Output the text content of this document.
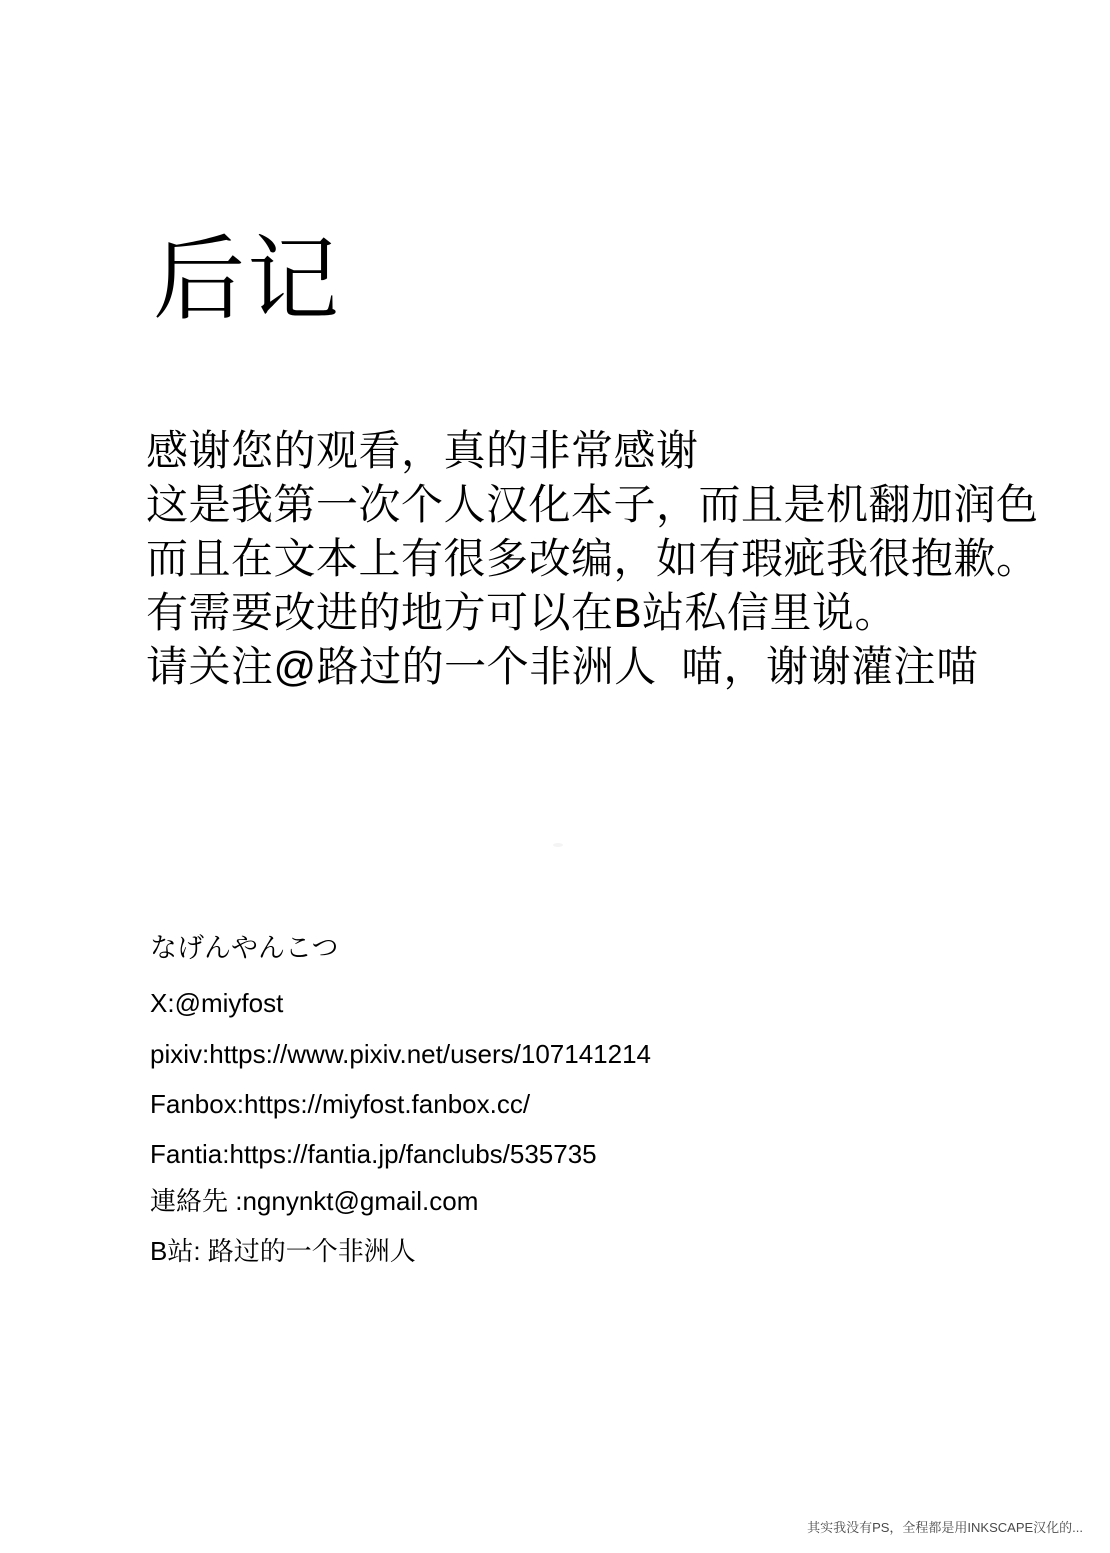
后记
感谢您的观看，真的非常感谢
这是我第一次个人汉化本子，而且是机翻加润色
而且在文本上有很多改编，如有瑕疵我很抱歉。
有需要改进的地方可以在B站私信里说。
请关注@路过的一个非洲人  喵，谢谢灌注喵
なげんやんこつ
X:@miyfost
pixiv:https://www.pixiv.net/users/107141214
Fanbox:https://miyfost.fanbox.cc/
Fantia:https://fantia.jp/fanclubs/535735
連絡先 :ngnynkt@gmail.com
B站: 路过的一个非洲人
其实我没有PS，全程都是用INKSCAPE汉化的...
